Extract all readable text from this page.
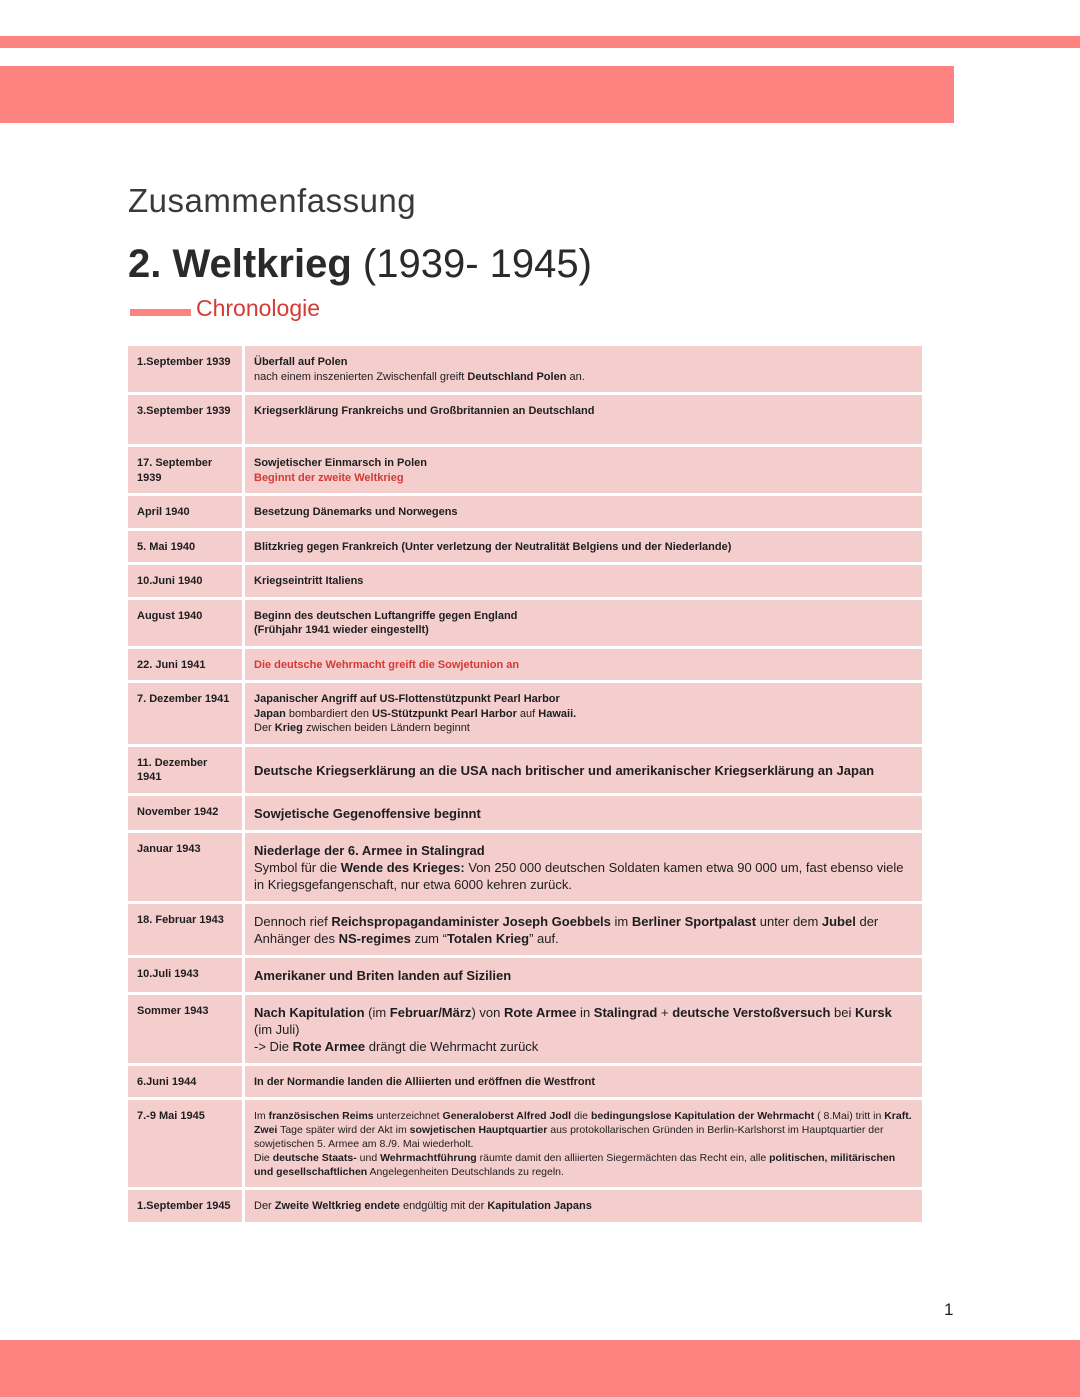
Zusammenfassung
2. Weltkrieg (1939- 1945)
Chronologie
1.September 1939	Überfall auf Polen
nach einem inszenierten Zwischenfall greift Deutschland Polen an.

3.September 1939	Kriegserklärung Frankreichs und Großbritannien an Deutschland

17. September 1939	Sowjetischer Einmarsch in Polen
Beginnt der zweite Weltkrieg

April 1940	Besetzung Dänemarks und Norwegens

5. Mai 1940	Blitzkrieg gegen Frankreich (Unter verletzung der Neutralität Belgiens und der Niederlande)

10.Juni 1940	Kriegseintritt Italiens

August 1940	Beginn des deutschen Luftangriffe gegen England
(Frühjahr 1941 wieder eingestellt)

22. Juni 1941	Die deutsche Wehrmacht greift die Sowjetunion an

7. Dezember 1941	Japanischer Angriff auf US-Flottenstützpunkt Pearl Harbor
Japan bombardiert den US-Stützpunkt Pearl Harbor auf Hawaii.
Der Krieg zwischen beiden Ländern beginnt

11. Dezember 1941	Deutsche Kriegserklärung an die USA nach britischer und amerikanischer Kriegserklärung an Japan

November 1942	Sowjetische Gegenoffensive beginnt

Januar 1943	Niederlage der 6. Armee in Stalingrad
Symbol für die Wende des Krieges: Von 250 000 deutschen Soldaten kamen etwa 90 000 um, fast ebenso viele in Kriegsgefangenschaft, nur etwa 6000 kehren zurück.

18. Februar 1943	Dennoch rief Reichspropagandaminister Joseph Goebbels im Berliner Sportpalast unter dem Jubel der Anhänger des NS-regimes zum “Totalen Krieg” auf.

10.Juli 1943	Amerikaner und Briten landen auf Sizilien

Sommer 1943	Nach Kapitulation (im Februar/März) von Rote Armee in Stalingrad + deutsche Verstoßversuch bei Kursk (im Juli)
-> Die Rote Armee drängt die Wehrmacht zurück

6.Juni 1944	In der Normandie landen die Alliierten und eröffnen die Westfront

7.-9 Mai 1945	Im französischen Reims unterzeichnet Generaloberst Alfred Jodl die bedingungslose Kapitulation der Wehrmacht ( 8.Mai) tritt in Kraft.
Zwei Tage später wird der Akt im sowjetischen Hauptquartier aus protokollarischen Gründen in Berlin-Karlshorst im Hauptquartier der sowjetischen 5. Armee am 8./9. Mai wiederholt.
Die deutsche Staats- und Wehrmachtführung räumte damit den alliierten Siegermächten das Recht ein, alle politischen, militärischen und gesellschaftlichen Angelegenheiten Deutschlands zu regeln.

1.September 1945	Der Zweite Weltkrieg endete endgültig mit der Kapitulation Japans
1
